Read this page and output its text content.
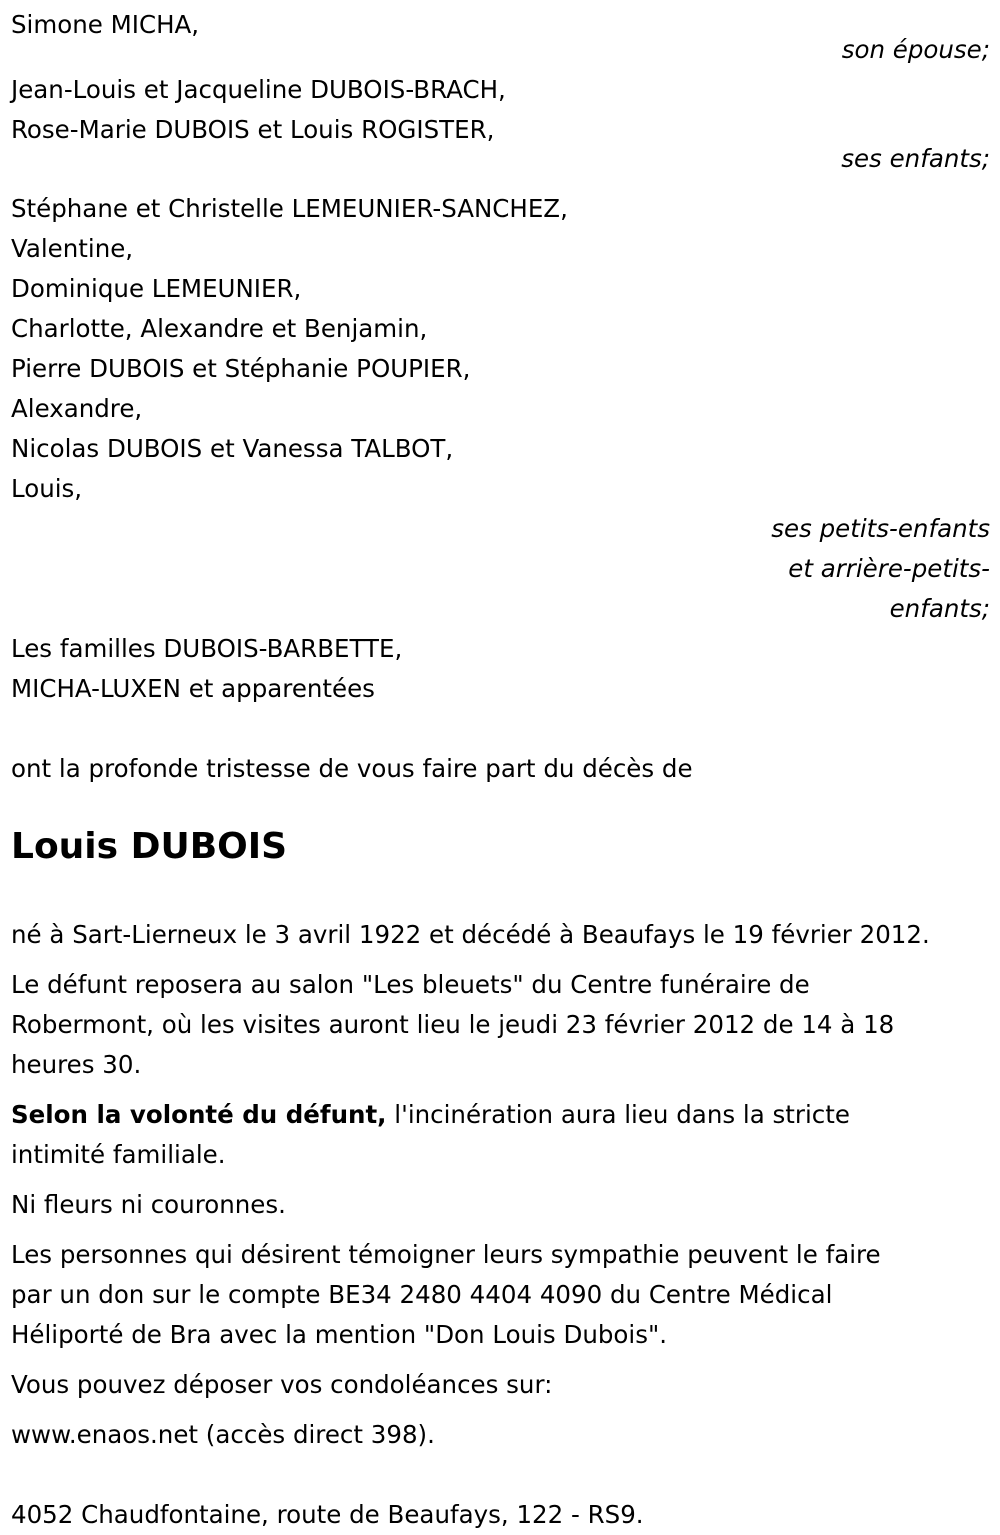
Simone MICHA,
son épouse;
Jean-Louis et Jacqueline DUBOIS-BRACH,
Rose-Marie DUBOIS et Louis ROGISTER,
ses enfants;
Stéphane et Christelle LEMEUNIER-SANCHEZ,
Valentine,
Dominique LEMEUNIER,
Charlotte, Alexandre et Benjamin,
Pierre DUBOIS et Stéphanie POUPIER,
Alexandre,
Nicolas DUBOIS et Vanessa TALBOT,
Louis,
ses petits-enfants
et arrière-petits-
enfants;
Les familles DUBOIS-BARBETTE,
MICHA-LUXEN et apparentées
ont la profonde tristesse de vous faire part du décès de
Louis DUBOIS
né à Sart-Lierneux le 3 avril 1922 et décédé à Beaufays le 19 février 2012.
Le défunt reposera au salon "Les bleuets" du Centre funéraire de
Robermont, où les visites auront lieu le jeudi 23 février 2012 de 14 à 18
heures 30.
Selon la volonté du défunt, l'incinération aura lieu dans la stricte
intimité familiale.
Ni fleurs ni couronnes.
Les personnes qui désirent témoigner leurs sympathie peuvent le faire
par un don sur le compte BE34 2480 4404 4090 du Centre Médical
Héliporté de Bra avec la mention "Don Louis Dubois".
Vous pouvez déposer vos condoléances sur:
www.enaos.net (accès direct 398).
4052 Chaudfontaine, route de Beaufays, 122 - RS9.
